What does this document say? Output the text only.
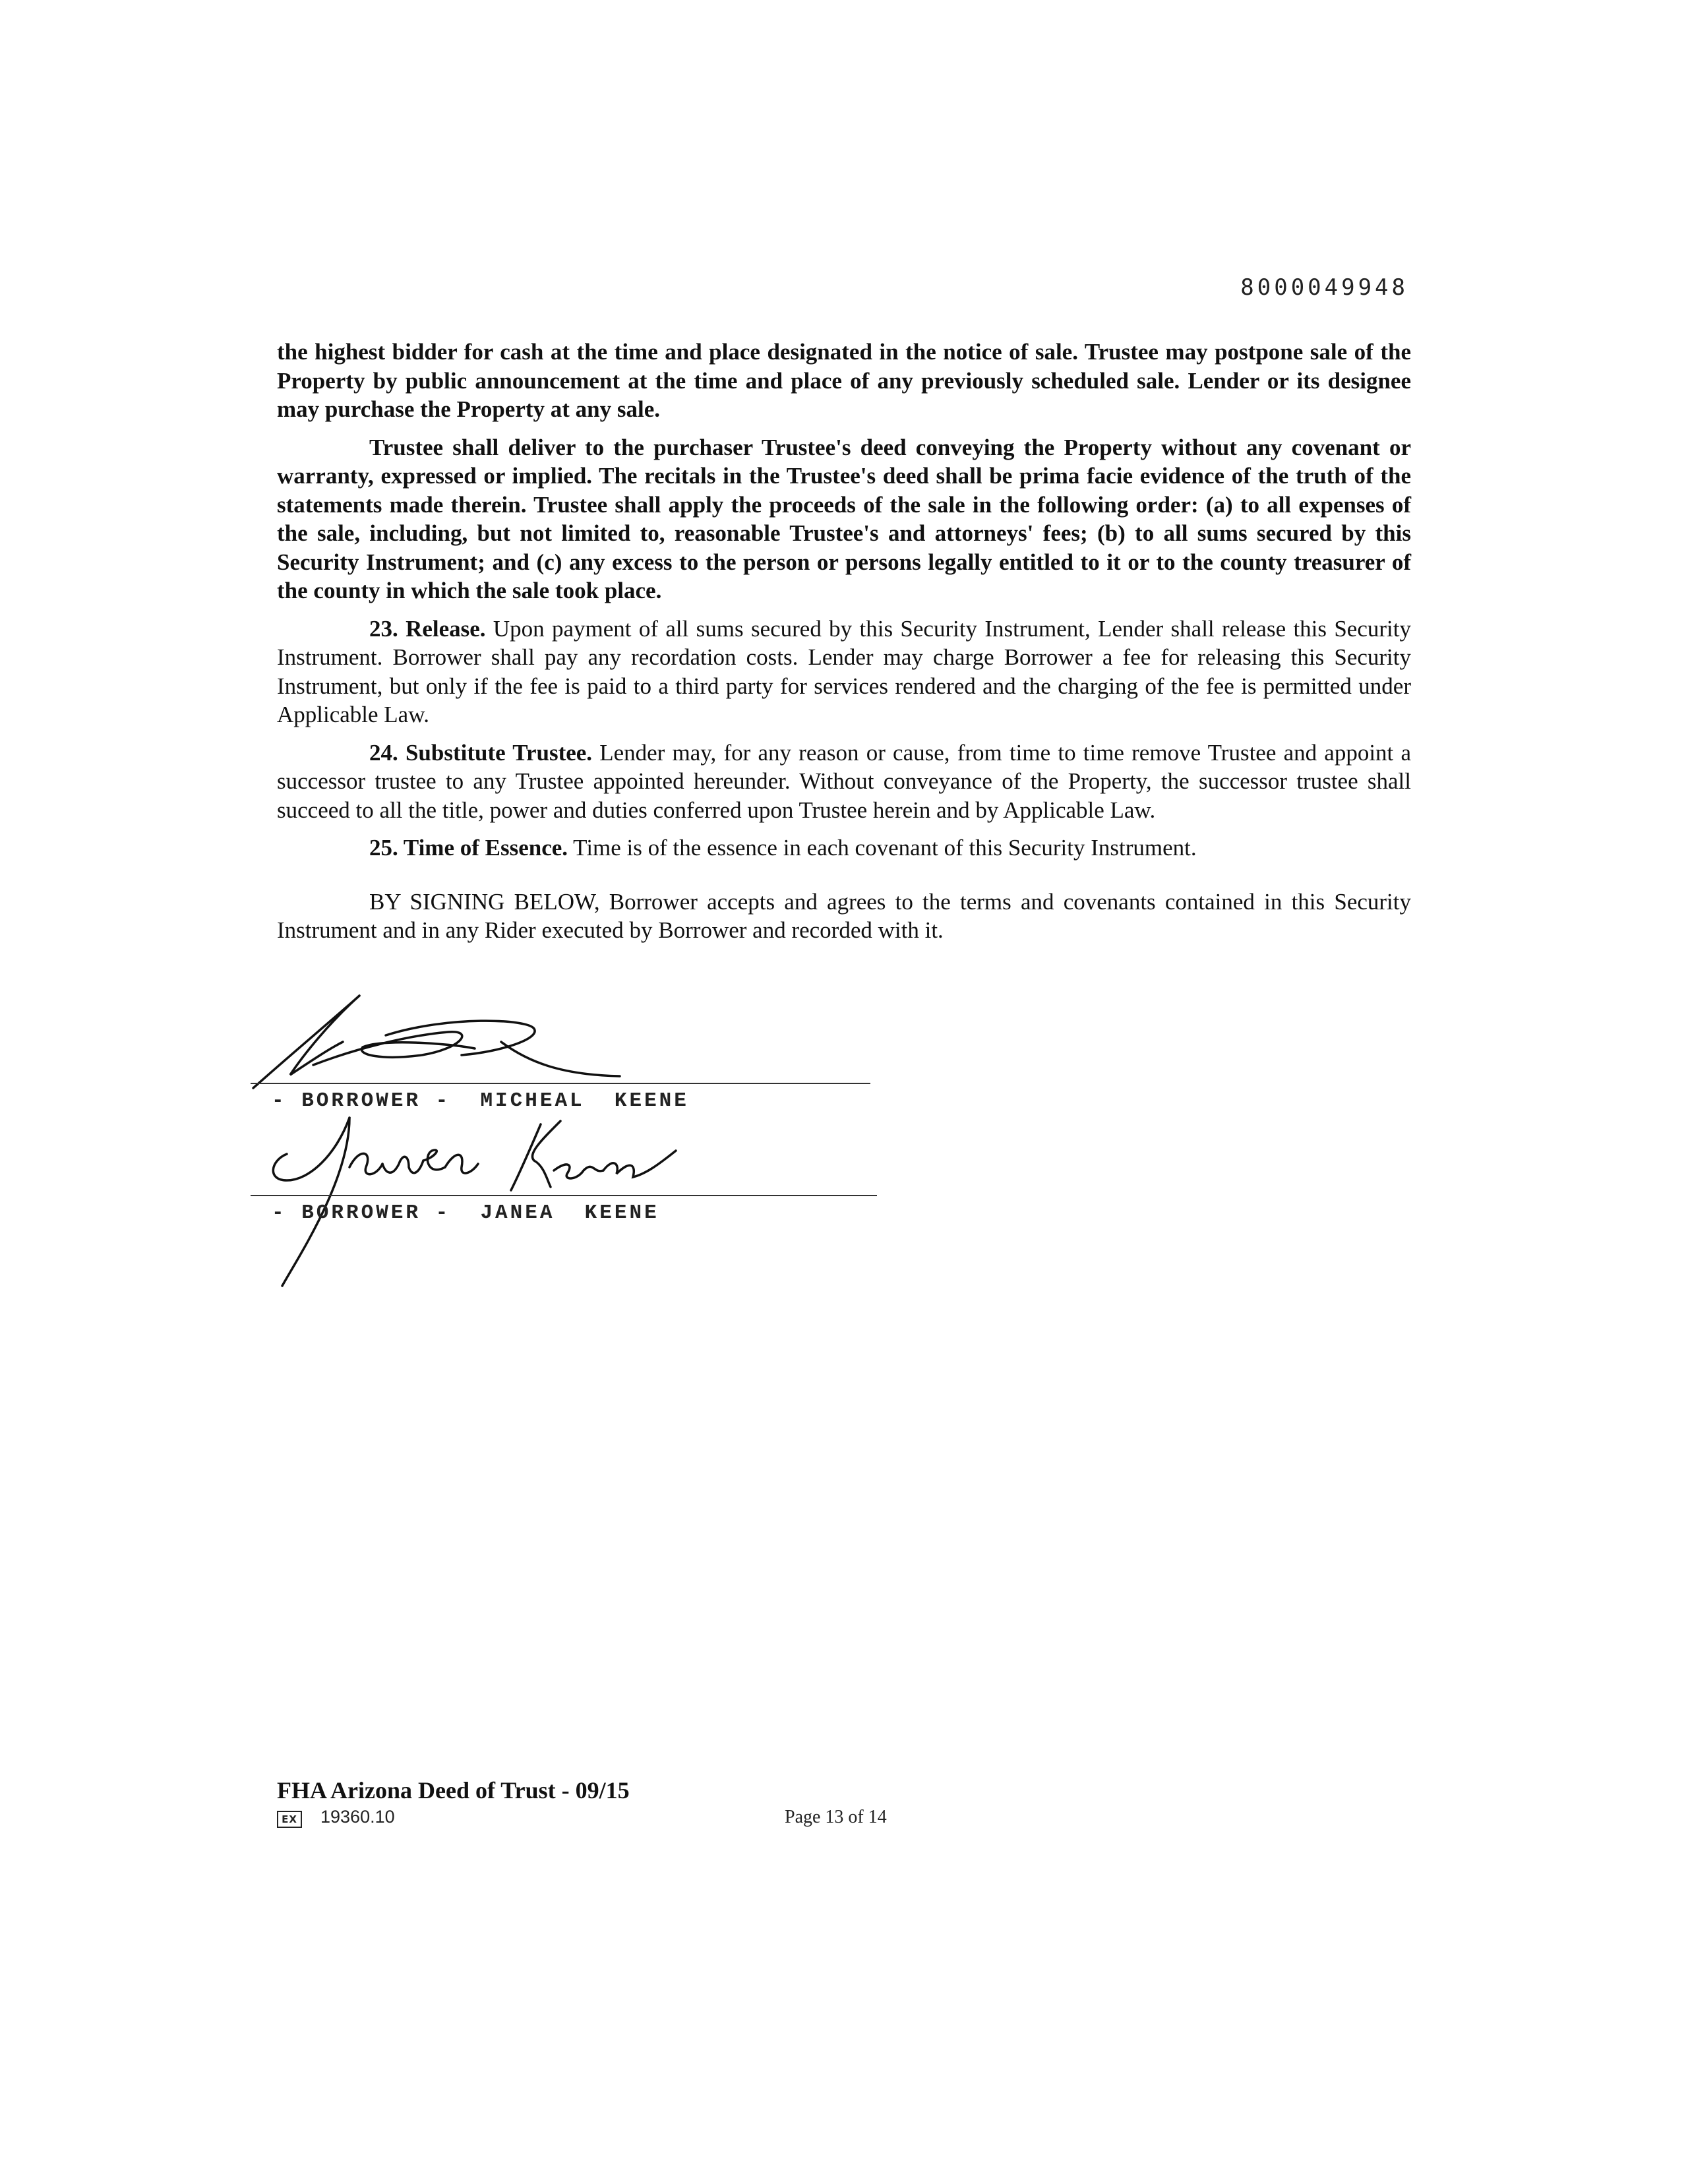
8000049948

the highest bidder for cash at the time and place designated in the notice of sale. Trustee may postpone sale of the Property by public announcement at the time and place of any previously scheduled sale. Lender or its designee may purchase the Property at any sale.

Trustee shall deliver to the purchaser Trustee's deed conveying the Property without any covenant or warranty, expressed or implied. The recitals in the Trustee's deed shall be prima facie evidence of the truth of the statements made therein. Trustee shall apply the proceeds of the sale in the following order: (a) to all expenses of the sale, including, but not limited to, reasonable Trustee's and attorneys' fees; (b) to all sums secured by this Security Instrument; and (c) any excess to the person or persons legally entitled to it or to the county treasurer of the county in which the sale took place.

23. Release. Upon payment of all sums secured by this Security Instrument, Lender shall release this Security Instrument. Borrower shall pay any recordation costs. Lender may charge Borrower a fee for releasing this Security Instrument, but only if the fee is paid to a third party for services rendered and the charging of the fee is permitted under Applicable Law.

24. Substitute Trustee. Lender may, for any reason or cause, from time to time remove Trustee and appoint a successor trustee to any Trustee appointed hereunder. Without conveyance of the Property, the successor trustee shall succeed to all the title, power and duties conferred upon Trustee herein and by Applicable Law.

25. Time of Essence. Time is of the essence in each covenant of this Security Instrument.

BY SIGNING BELOW, Borrower accepts and agrees to the terms and covenants contained in this Security Instrument and in any Rider executed by Borrower and recorded with it.

- BORROWER -  MICHEAL  KEENE
- BORROWER -  JANEA  KEENE
FHA Arizona Deed of Trust - 09/15
EX 19360.10	Page 13 of 14
